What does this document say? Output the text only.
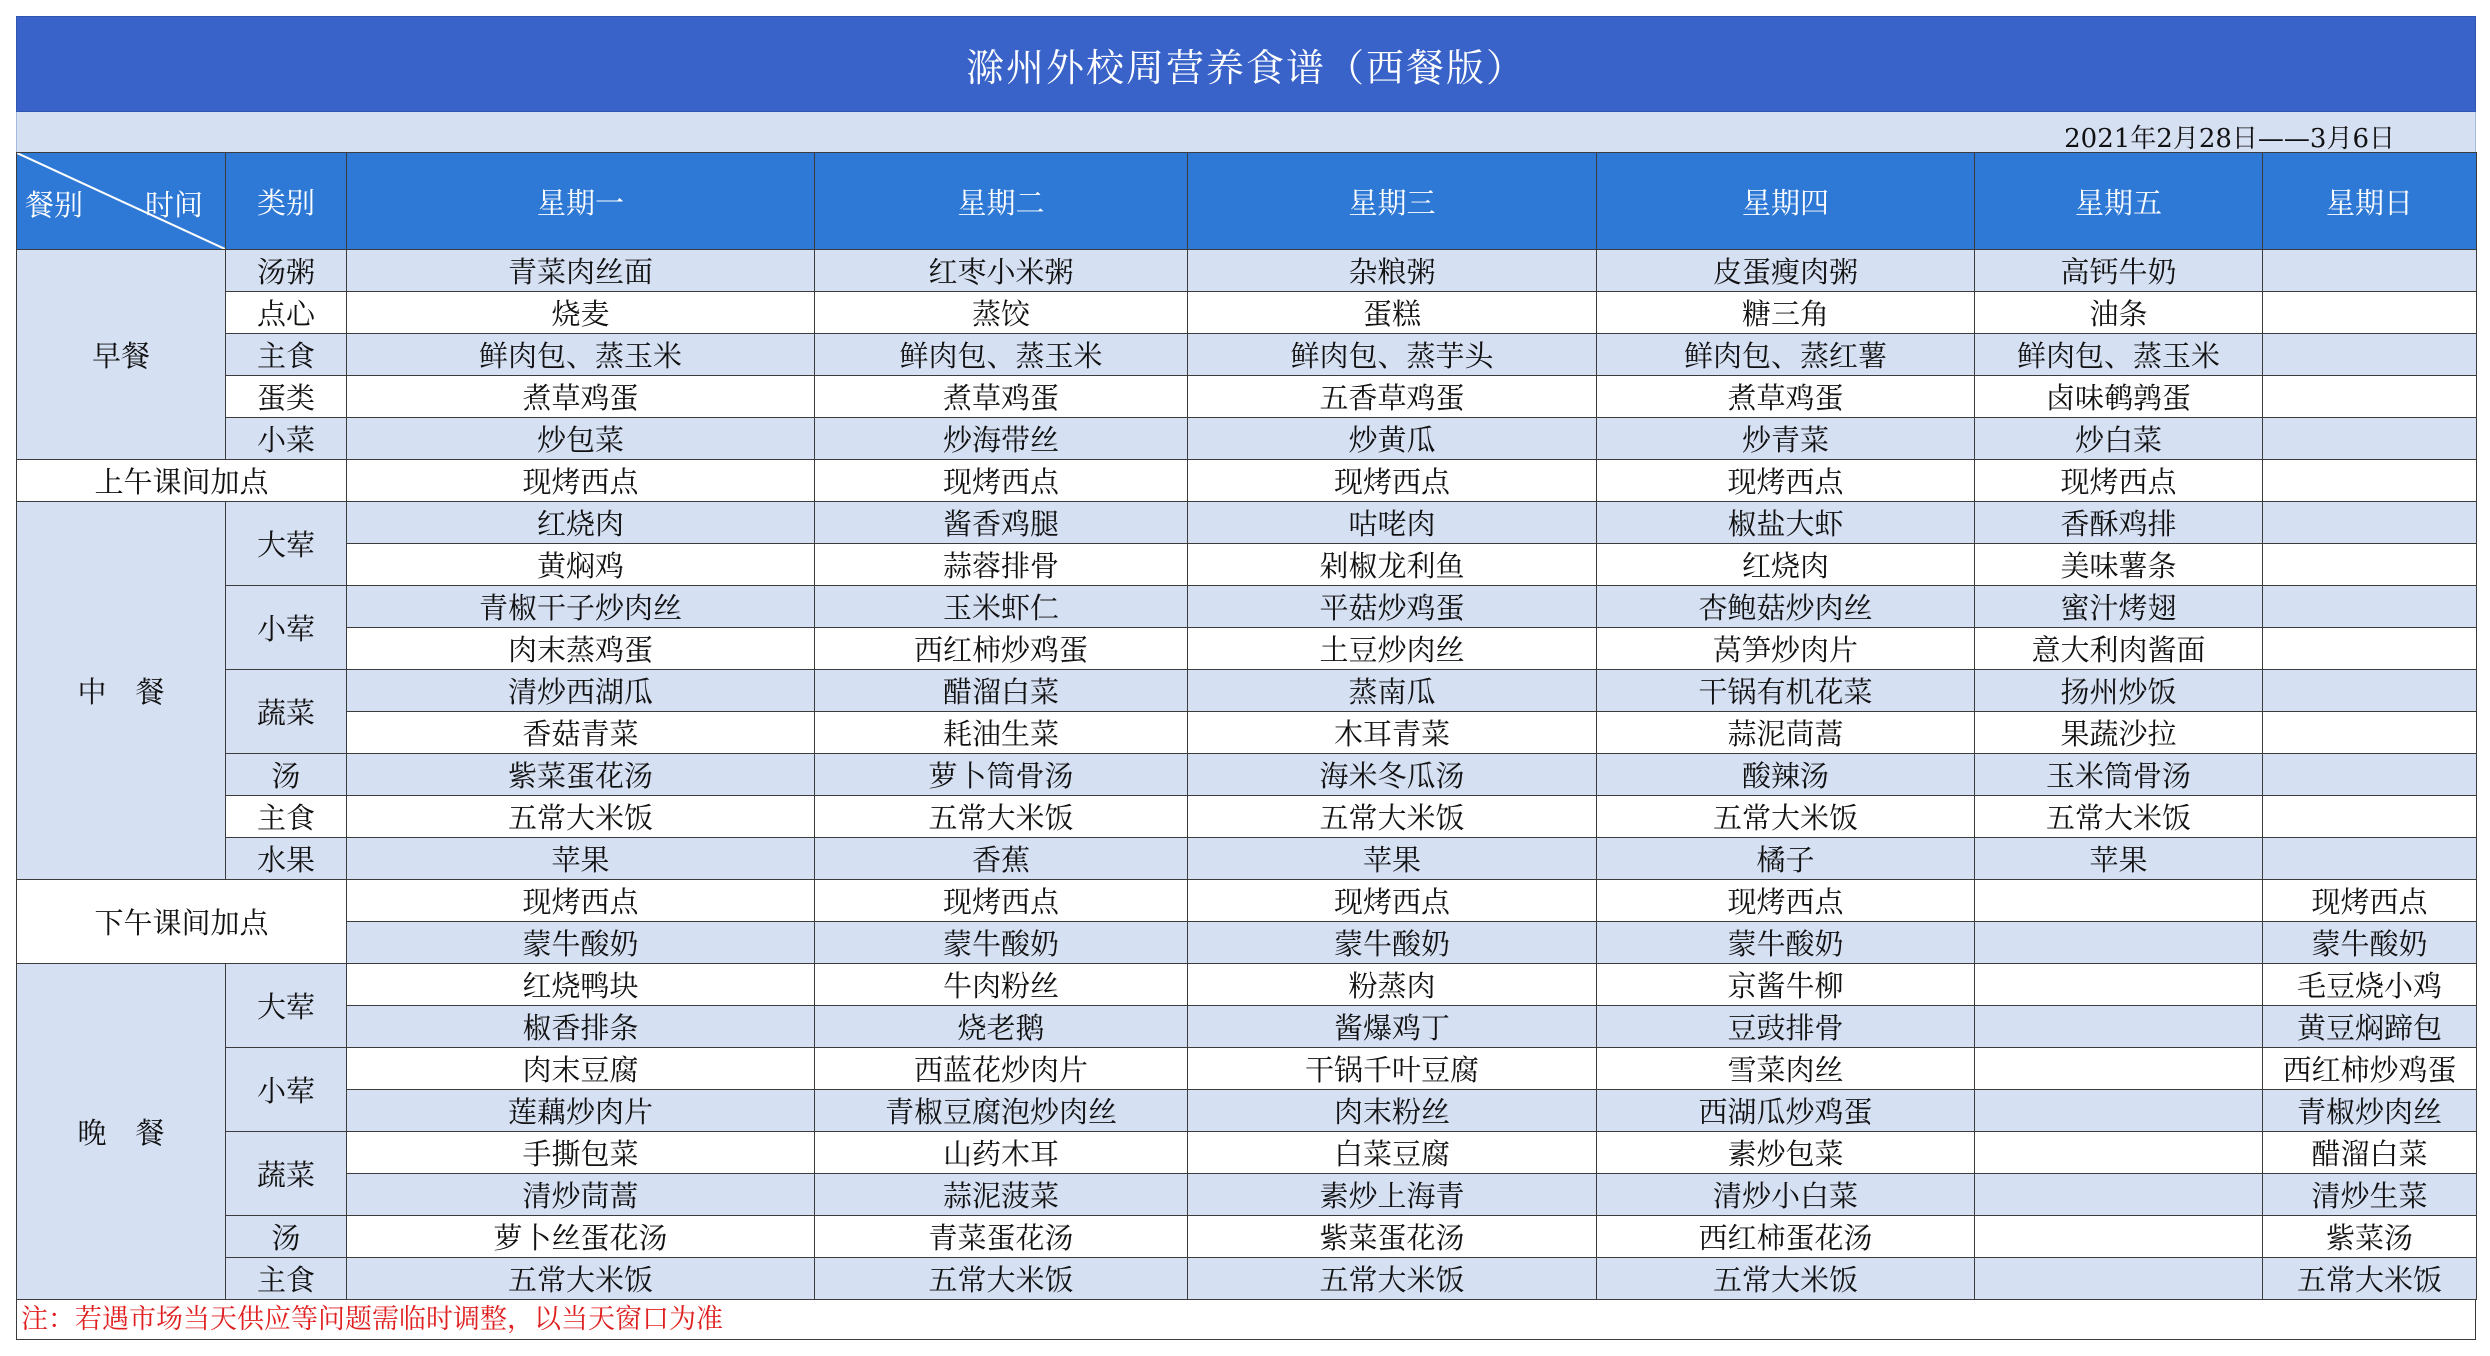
滁州外校周营养食谱（西餐版）
2021年2月28日——3月6日
餐别 时间	类别	星期一	星期二	星期三	星期四	星期五	星期日
早餐	汤粥	青菜肉丝面	红枣小米粥	杂粮粥	皮蛋瘦肉粥	高钙牛奶	
	点心	烧麦	蒸饺	蛋糕	糖三角	油条	
	主食	鲜肉包、蒸玉米	鲜肉包、蒸玉米	鲜肉包、蒸芋头	鲜肉包、蒸红薯	鲜肉包、蒸玉米	
	蛋类	煮草鸡蛋	煮草鸡蛋	五香草鸡蛋	煮草鸡蛋	卤味鹌鹑蛋	
	小菜	炒包菜	炒海带丝	炒黄瓜	炒青菜	炒白菜	
上午课间加点		现烤西点	现烤西点	现烤西点	现烤西点	现烤西点	
中　餐	大荤	红烧肉	酱香鸡腿	咕咾肉	椒盐大虾	香酥鸡排	
		黄焖鸡	蒜蓉排骨	剁椒龙利鱼	红烧肉	美味薯条	
	小荤	青椒干子炒肉丝	玉米虾仁	平菇炒鸡蛋	杏鲍菇炒肉丝	蜜汁烤翅	
		肉末蒸鸡蛋	西红柿炒鸡蛋	土豆炒肉丝	莴笋炒肉片	意大利肉酱面	
	蔬菜	清炒西湖瓜	醋溜白菜	蒸南瓜	干锅有机花菜	扬州炒饭	
		香菇青菜	耗油生菜	木耳青菜	蒜泥茼蒿	果蔬沙拉	
	汤	紫菜蛋花汤	萝卜筒骨汤	海米冬瓜汤	酸辣汤	玉米筒骨汤	
	主食	五常大米饭	五常大米饭	五常大米饭	五常大米饭	五常大米饭	
	水果	苹果	香蕉	苹果	橘子	苹果	
下午课间加点		现烤西点	现烤西点	现烤西点	现烤西点		现烤西点
		蒙牛酸奶	蒙牛酸奶	蒙牛酸奶	蒙牛酸奶		蒙牛酸奶
晚　餐	大荤	红烧鸭块	牛肉粉丝	粉蒸肉	京酱牛柳		毛豆烧小鸡
		椒香排条	烧老鹅	酱爆鸡丁	豆豉排骨		黄豆焖蹄包
	小荤	肉末豆腐	西蓝花炒肉片	干锅千叶豆腐	雪菜肉丝		西红柿炒鸡蛋
		莲藕炒肉片	青椒豆腐泡炒肉丝	肉末粉丝	西湖瓜炒鸡蛋		青椒炒肉丝
	蔬菜	手撕包菜	山药木耳	白菜豆腐	素炒包菜		醋溜白菜
		清炒茼蒿	蒜泥菠菜	素炒上海青	清炒小白菜		清炒生菜
	汤	萝卜丝蛋花汤	青菜蛋花汤	紫菜蛋花汤	西红柿蛋花汤		紫菜汤
	主食	五常大米饭	五常大米饭	五常大米饭	五常大米饭		五常大米饭
注：若遇市场当天供应等问题需临时调整，以当天窗口为准
